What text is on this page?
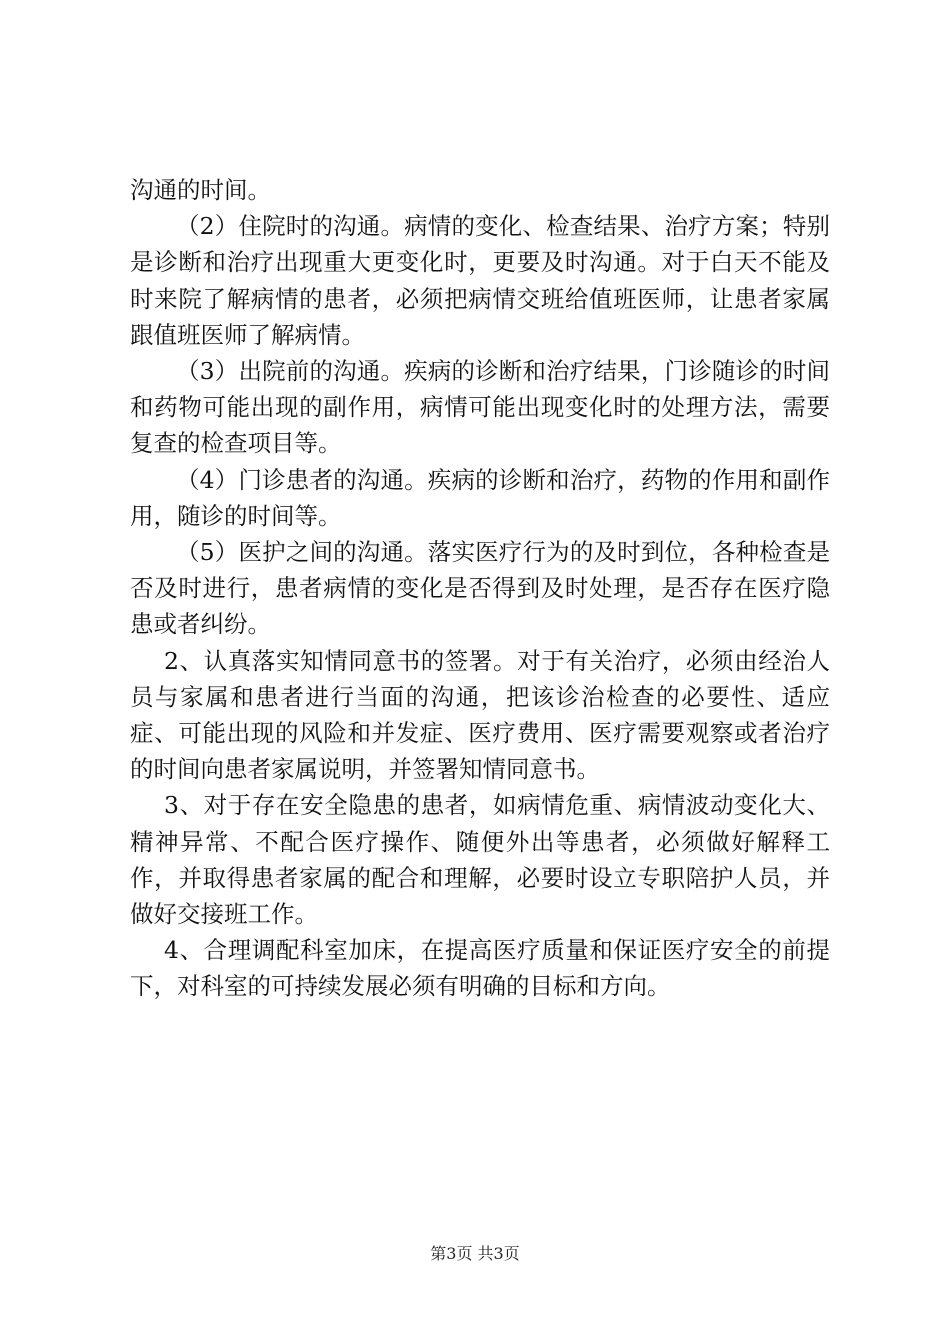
沟通的时间。

（2）住院时的沟通。病情的变化、检查结果、治疗方案；特别是诊断和治疗出现重大更变化时，更要及时沟通。对于白天不能及时来院了解病情的患者，必须把病情交班给值班医师，让患者家属跟值班医师了解病情。

（3）出院前的沟通。疾病的诊断和治疗结果，门诊随诊的时间和药物可能出现的副作用，病情可能出现变化时的处理方法，需要复查的检查项目等。

（4）门诊患者的沟通。疾病的诊断和治疗，药物的作用和副作用，随诊的时间等。

（5）医护之间的沟通。落实医疗行为的及时到位，各种检查是否及时进行，患者病情的变化是否得到及时处理，是否存在医疗隐患或者纠纷。

2、认真落实知情同意书的签署。对于有关治疗，必须由经治人员与家属和患者进行当面的沟通，把该诊治检查的必要性、适应症、可能出现的风险和并发症、医疗费用、医疗需要观察或者治疗的时间向患者家属说明，并签署知情同意书。

3、对于存在安全隐患的患者，如病情危重、病情波动变化大、精神异常、不配合医疗操作、随便外出等患者，必须做好解释工作，并取得患者家属的配合和理解，必要时设立专职陪护人员，并做好交接班工作。

4、合理调配科室加床，在提高医疗质量和保证医疗安全的前提下，对科室的可持续发展必须有明确的目标和方向。

第3页 共3页
